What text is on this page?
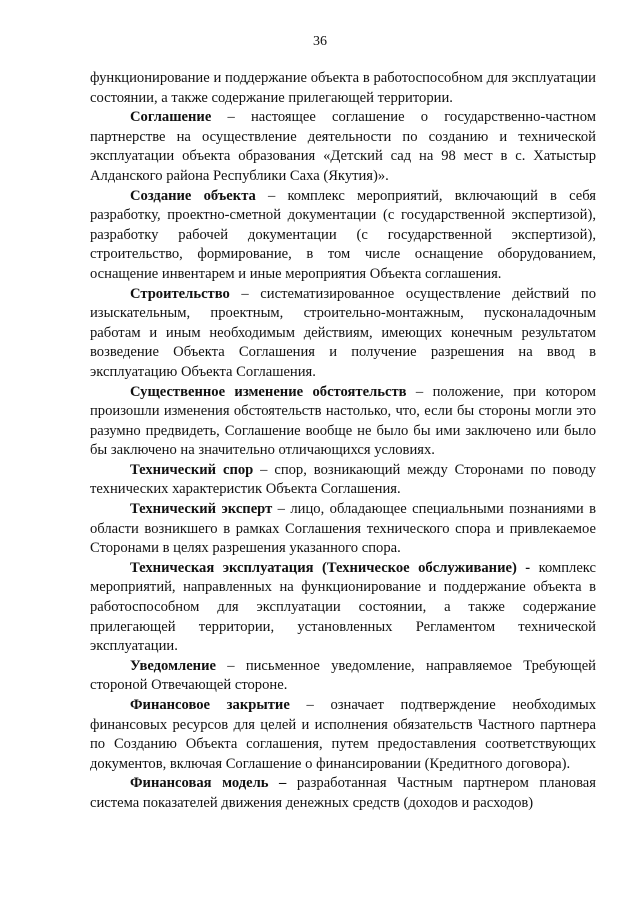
36

функционирование и поддержание объекта в работоспособном для эксплуатации состоянии, а также содержание прилегающей территории.

Соглашение – настоящее соглашение о государственно-частном партнерстве на осуществление деятельности по созданию и технической эксплуатации объекта образования «Детский сад на 98 мест в с. Хатыстыр Алданского района Республики Саха (Якутия)».

Создание объекта – комплекс мероприятий, включающий в себя разработку, проектно-сметной документации (с государственной экспертизой), разработку рабочей документации (с государственной экспертизой), строительство, формирование, в том числе оснащение оборудованием, оснащение инвентарем и иные мероприятия Объекта соглашения.

Строительство – систематизированное осуществление действий по изыскательным, проектным, строительно-монтажным, пусконаладочным работам и иным необходимым действиям, имеющих конечным результатом возведение Объекта Соглашения и получение разрешения на ввод в эксплуатацию Объекта Соглашения.

Существенное изменение обстоятельств – положение, при котором произошли изменения обстоятельств настолько, что, если бы стороны могли это разумно предвидеть, Соглашение вообще не было бы ими заключено или было бы заключено на значительно отличающихся условиях.

Технический спор – спор, возникающий между Сторонами по поводу технических характеристик Объекта Соглашения.

Технический эксперт – лицо, обладающее специальными познаниями в области возникшего в рамках Соглашения технического спора и привлекаемое Сторонами в целях разрешения указанного спора.

Техническая эксплуатация (Техническое обслуживание) - комплекс мероприятий, направленных на функционирование и поддержание объекта в работоспособном для эксплуатации состоянии, а также содержание прилегающей территории, установленных Регламентом технической эксплуатации.

Уведомление – письменное уведомление, направляемое Требующей стороной Отвечающей стороне.

Финансовое закрытие – означает подтверждение необходимых финансовых ресурсов для целей и исполнения обязательств Частного партнера по Созданию Объекта соглашения, путем предоставления соответствующих документов, включая Соглашение о финансировании (Кредитного договора).

Финансовая модель – разработанная Частным партнером плановая система показателей движения денежных средств (доходов и расходов)
